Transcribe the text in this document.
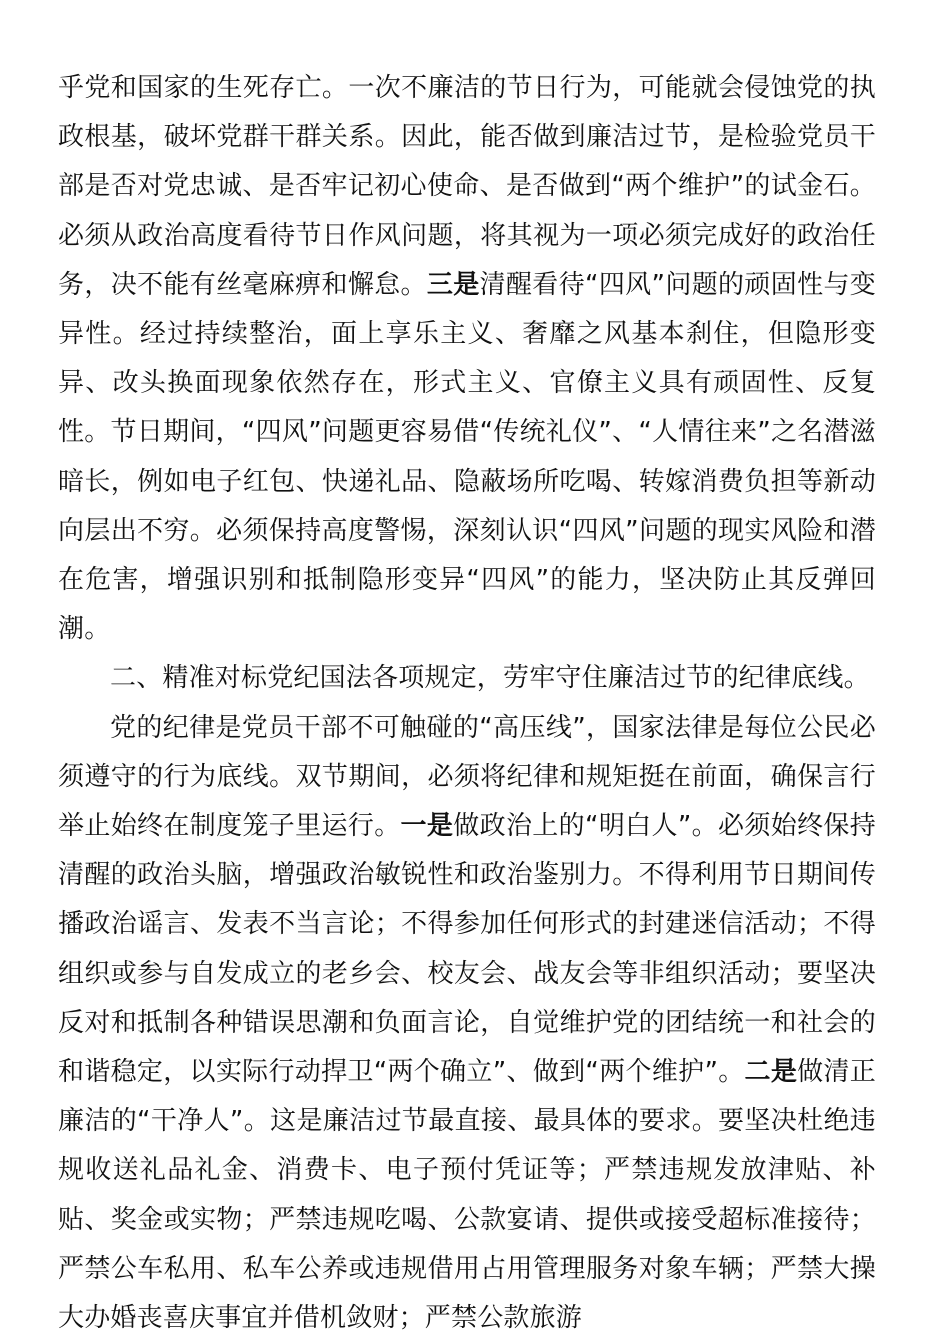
乎党和国家的生死存亡。一次不廉洁的节日行为，可能就会侵蚀党的执政根基，破坏党群干群关系。因此，能否做到廉洁过节，是检验党员干部是否对党忠诚、是否牢记初心使命、是否做到“两个维护”的试金石。必须从政治高度看待节日作风问题，将其视为一项必须完成好的政治任务，决不能有丝毫麻痹和懈怠。三是清醒看待“四风”问题的顽固性与变异性。经过持续整治，面上享乐主义、奢靡之风基本刹住，但隐形变异、改头换面现象依然存在，形式主义、官僚主义具有顽固性、反复性。节日期间，“四风”问题更容易借“传统礼仪”、“人情往来”之名潜滋暗长，例如电子红包、快递礼品、隐蔽场所吃喝、转嫁消费负担等新动向层出不穷。必须保持高度警惕，深刻认识“四风”问题的现实风险和潜在危害，增强识别和抵制隐形变异“四风”的能力，坚决防止其反弹回潮。

二、精准对标党纪国法各项规定，劳牢守住廉洁过节的纪律底线。

党的纪律是党员干部不可触碰的“高压线”，国家法律是每位公民必须遵守的行为底线。双节期间，必须将纪律和规矩挺在前面，确保言行举止始终在制度笼子里运行。一是做政治上的“明白人”。必须始终保持清醒的政治头脑，增强政治敏锐性和政治鉴别力。不得利用节日期间传播政治谣言、发表不当言论；不得参加任何形式的封建迷信活动；不得组织或参与自发成立的老乡会、校友会、战友会等非组织活动；要坚决反对和抵制各种错误思潮和负面言论，自觉维护党的团结统一和社会的和谐稳定，以实际行动捍卫“两个确立”、做到“两个维护”。二是做清正廉洁的“干净人”。这是廉洁过节最直接、最具体的要求。要坚决杜绝违规收送礼品礼金、消费卡、电子预付凭证等；严禁违规发放津贴、补贴、奖金或实物；严禁违规吃喝、公款宴请、提供或接受超标准接待；严禁公车私用、私车公养或违规借用占用管理服务对象车辆；严禁大操大办婚丧喜庆事宜并借机敛财；严禁公款旅游
